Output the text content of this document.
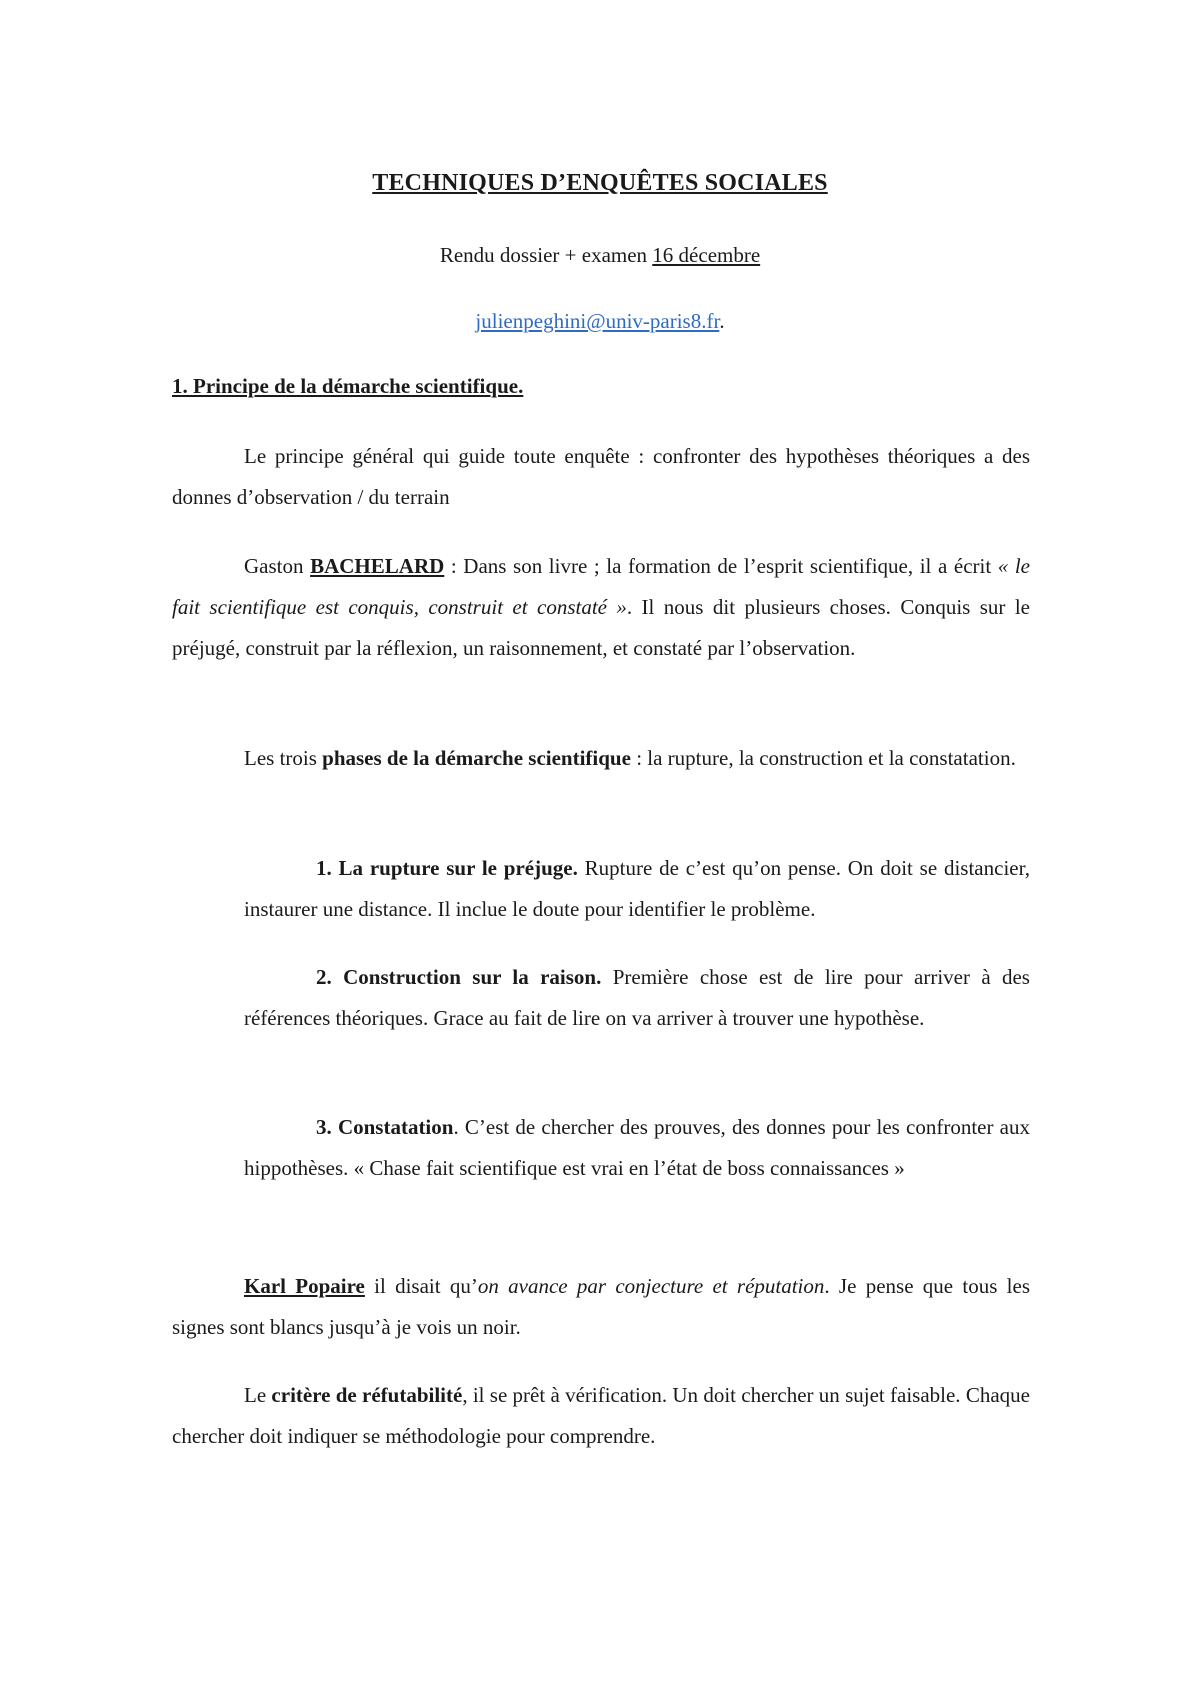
TECHNIQUES D’ENQUÊTES SOCIALES
Rendu dossier + examen 16 décembre
julienpeghini@univ-paris8.fr.
1. Principe de la démarche scientifique.

Le principe général qui guide toute enquête : confronter des hypothèses théoriques a des donnes d’observation / du terrain

Gaston BACHELARD : Dans son livre ; la formation de l’esprit scientifique, il a écrit « le fait scientifique est conquis, construit et constaté ». Il nous dit plusieurs choses. Conquis sur le préjugé, construit par la réflexion, un raisonnement, et constaté par l’observation.

Les trois phases de la démarche scientifique : la rupture, la construction et la constatation.

1. La rupture sur le préjuge. Rupture de c’est qu’on pense. On doit se distancier, instaurer une distance. Il inclue le doute pour identifier le problème.

2. Construction sur la raison. Première chose est de lire pour arriver à des références théoriques. Grace au fait de lire on va arriver à trouver une hypothèse.

3. Constatation. C’est de chercher des prouves, des donnes pour les confronter aux hippothèses. « Chase fait scientifique est vrai en l’état de boss connaissances »

Karl Popaire il disait qu’on avance par conjecture et réputation. Je pense que tous les signes sont blancs jusqu’à je vois un noir.

Le critère de réfutabilité, il se prêt à vérification. Un doit chercher un sujet faisable. Chaque chercher doit indiquer se méthodologie pour comprendre.
